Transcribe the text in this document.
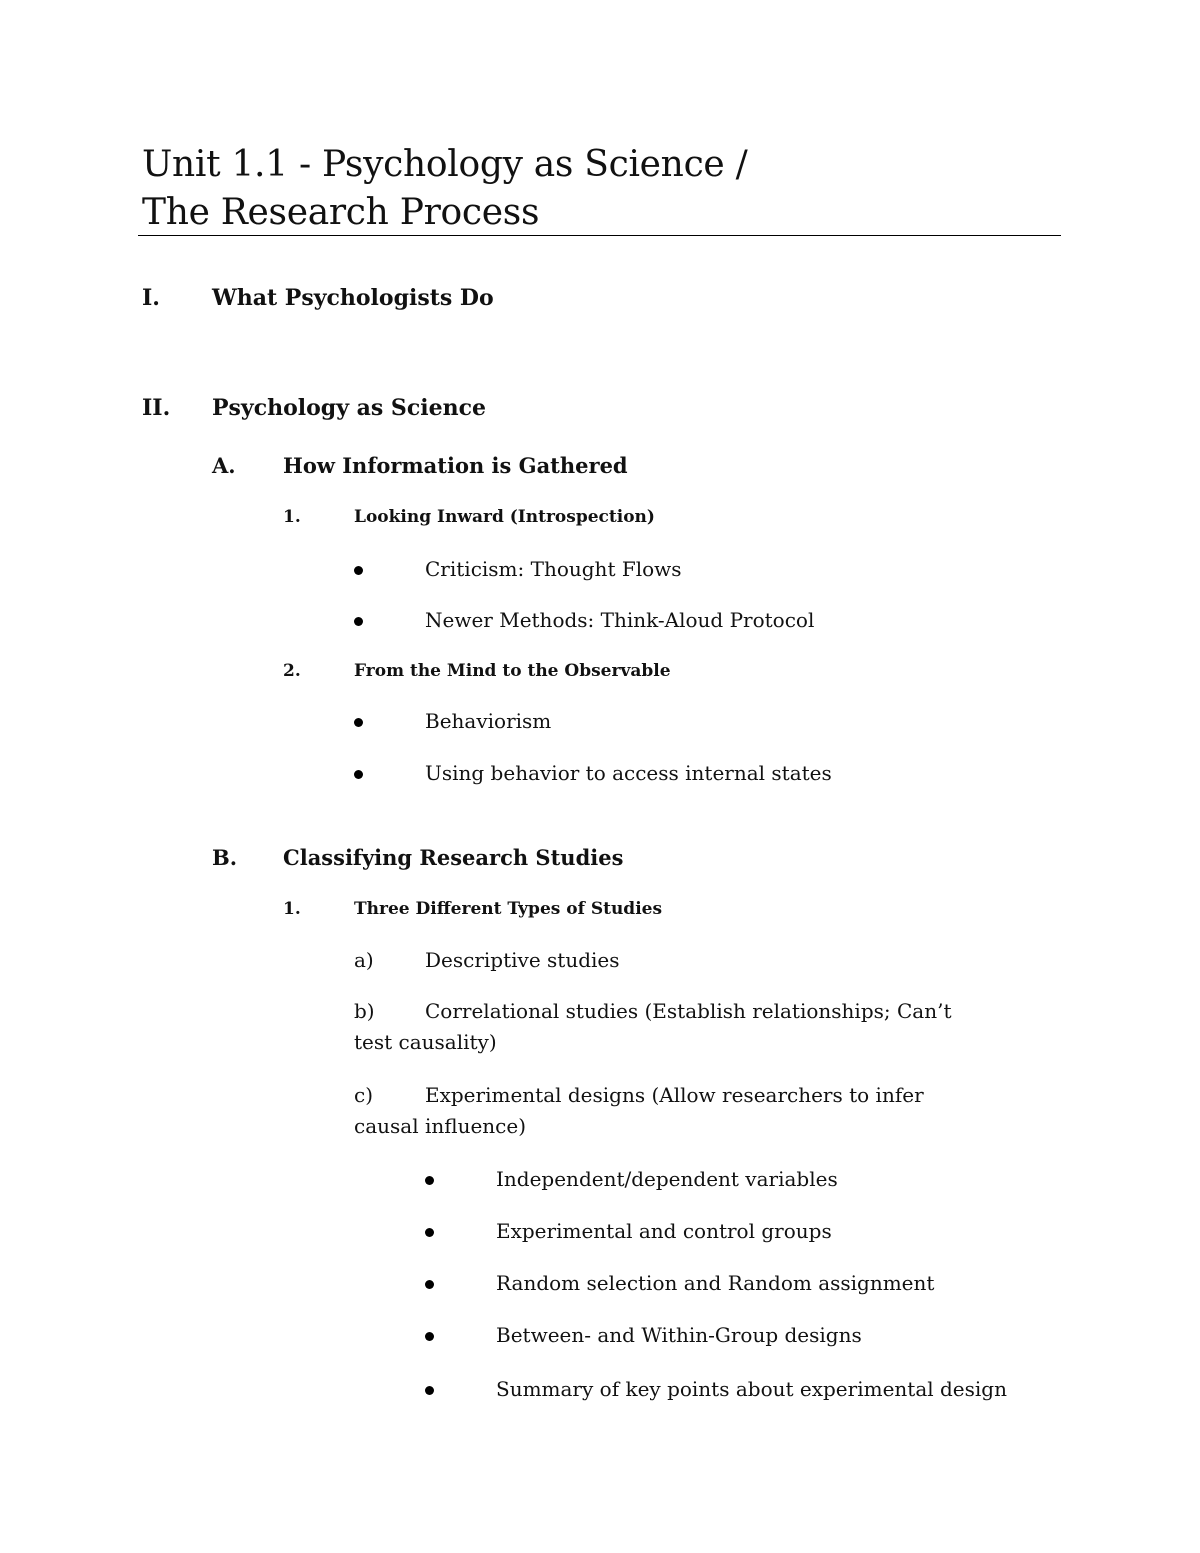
Unit 1.1 - Psychology as Science /
The Research Process
I. What Psychologists Do
II. Psychology as Science
A. How Information is Gathered
1.	Looking Inward (Introspection)
Criticism: Thought Flows
Newer Methods: Think-Aloud Protocol
2.	From the Mind to the Observable
Behaviorism
Using behavior to access internal states
B. Classifying Research Studies
1.	Three Different Types of Studies
a)	Descriptive studies
b)	Correlational studies (Establish relationships; Can’t test causality)
c)	Experimental designs (Allow researchers to infer causal influence)
Independent/dependent variables
Experimental and control groups
Random selection and Random assignment
Between- and Within-Group designs
Summary of key points about experimental design
